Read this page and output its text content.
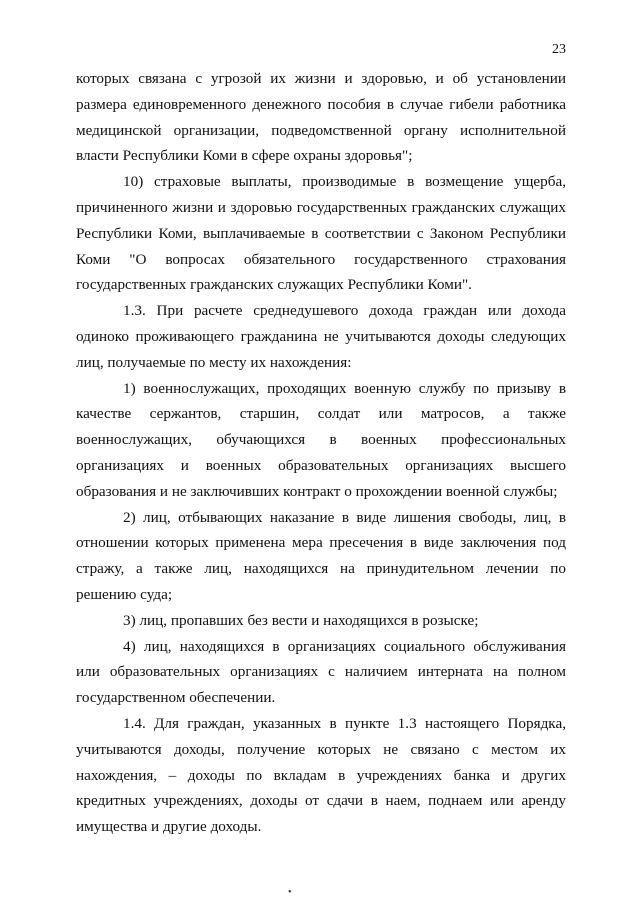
23

которых связана с угрозой их жизни и здоровью, и об установлении размера единовременного денежного пособия в случае гибели работника медицинской организации, подведомственной органу исполнительной власти Республики Коми в сфере охраны здоровья";

10) страховые выплаты, производимые в возмещение ущерба, причиненного жизни и здоровью государственных гражданских служащих Республики Коми, выплачиваемые в соответствии с Законом Республики Коми "О вопросах обязательного государственного страхования государственных гражданских служащих Республики Коми".

1.3. При расчете среднедушевого дохода граждан или дохода одиноко проживающего гражданина не учитываются доходы следующих лиц, получаемые по месту их нахождения:

1) военнослужащих, проходящих военную службу по призыву в качестве сержантов, старшин, солдат или матросов, а также военнослужащих, обучающихся в военных профессиональных организациях и военных образовательных организациях высшего образования и не заключивших контракт о прохождении военной службы;

2) лиц, отбывающих наказание в виде лишения свободы, лиц, в отношении которых применена мера пресечения в виде заключения под стражу, а также лиц, находящихся на принудительном лечении по решению суда;

3) лиц, пропавших без вести и находящихся в розыске;

4) лиц, находящихся в организациях социального обслуживания или образовательных организациях с наличием интерната на полном государственном обеспечении.

1.4. Для граждан, указанных в пункте 1.3 настоящего Порядка, учитываются доходы, получение которых не связано с местом их нахождения, – доходы по вкладам в учреждениях банка и других кредитных учреждениях, доходы от сдачи в наем, поднаем или аренду имущества и другие доходы.

•
